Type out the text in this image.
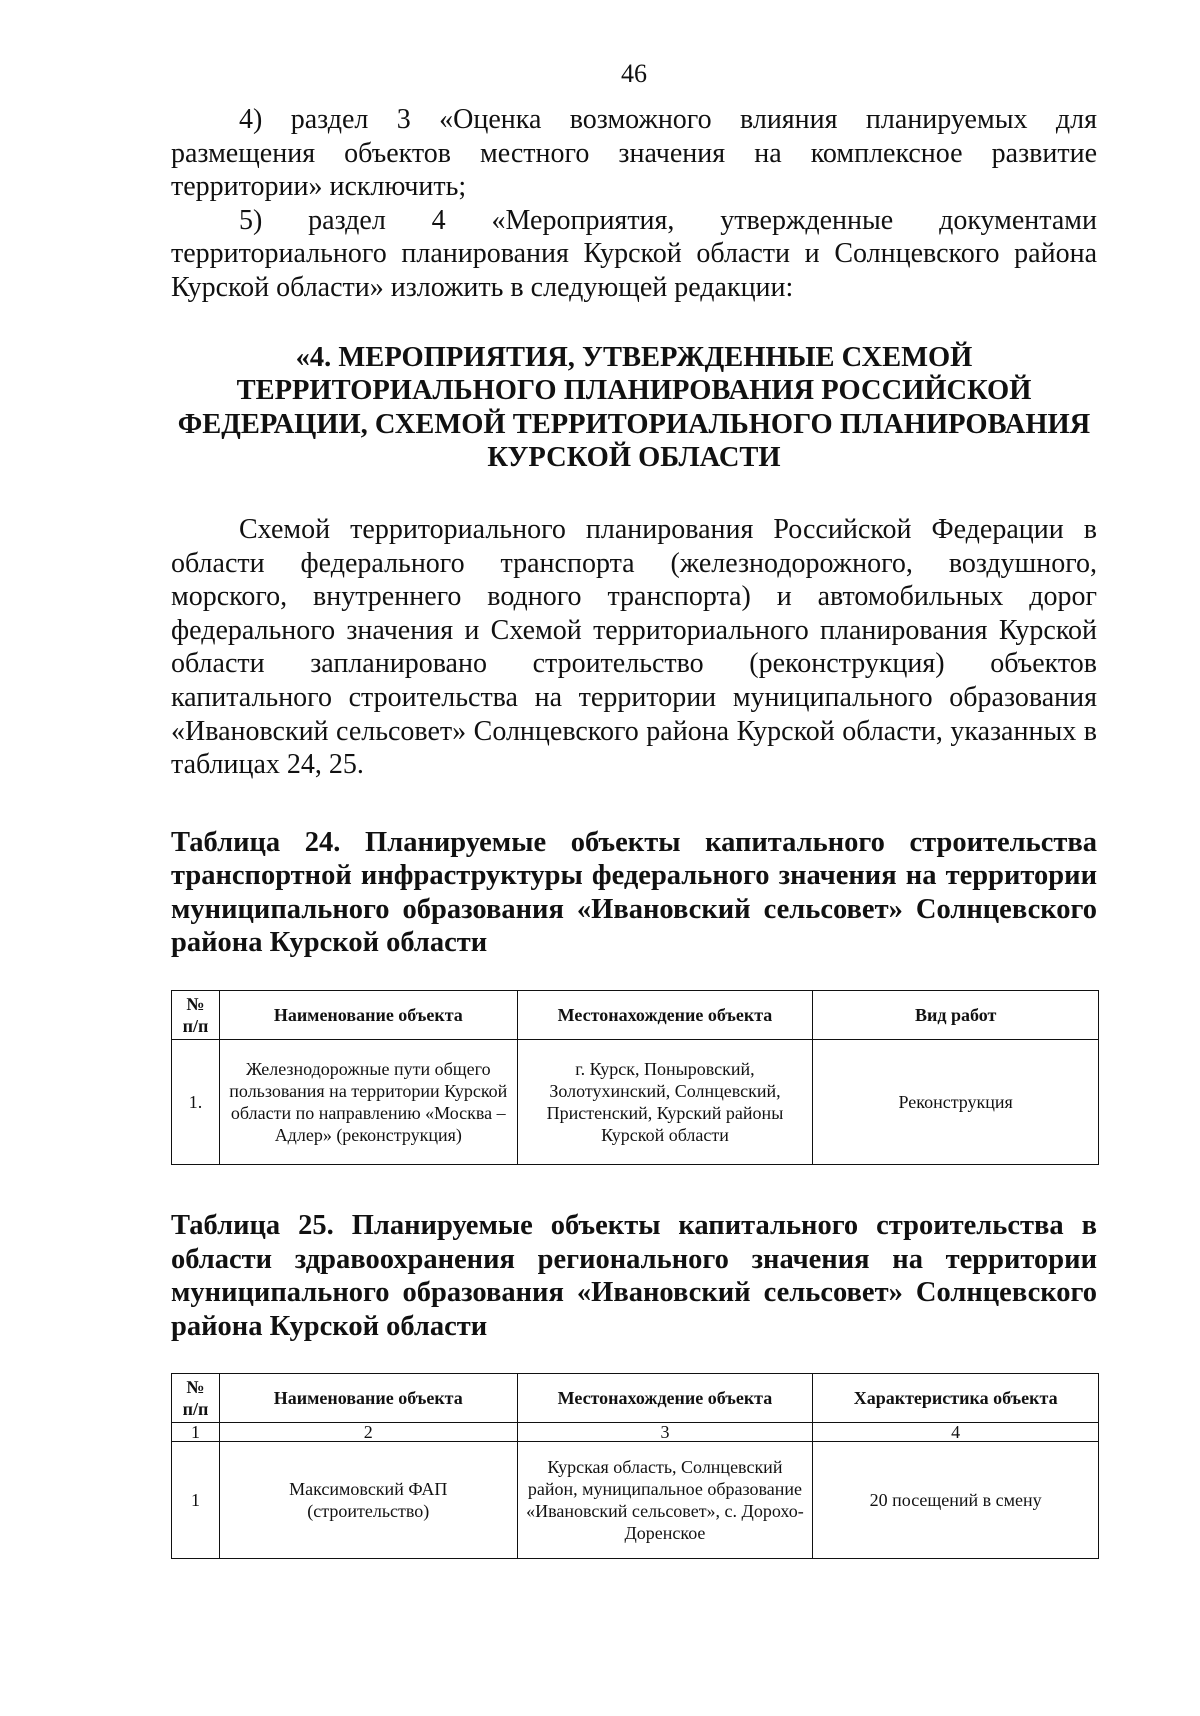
46

4) раздел 3 «Оценка возможного влияния планируемых для размещения объектов местного значения на комплексное развитие территории» исключить;

5) раздел 4 «Мероприятия, утвержденные документами территориального планирования Курской области и Солнцевского района Курской области» изложить в следующей редакции:

«4. МЕРОПРИЯТИЯ, УТВЕРЖДЕННЫЕ СХЕМОЙ ТЕРРИТОРИАЛЬНОГО ПЛАНИРОВАНИЯ РОССИЙСКОЙ ФЕДЕРАЦИИ, СХЕМОЙ ТЕРРИТОРИАЛЬНОГО ПЛАНИРОВАНИЯ КУРСКОЙ ОБЛАСТИ

Схемой территориального планирования Российской Федерации в области федерального транспорта (железнодорожного, воздушного, морского, внутреннего водного транспорта) и автомобильных дорог федерального значения и Схемой территориального планирования Курской области запланировано строительство (реконструкция) объектов капитального строительства на территории муниципального образования «Ивановский сельсовет» Солнцевского района Курской области, указанных в таблицах 24, 25.

Таблица 24. Планируемые объекты капитального строительства транспортной инфраструктуры федерального значения на территории муниципального образования «Ивановский сельсовет» Солнцевского района Курской области
№ п/п	Наименование объекта	Местонахождение объекта	Вид работ
1.	Железнодорожные пути общего пользования на территории Курской области по направлению «Москва – Адлер» (реконструкция)	г. Курск, Поныровский, Золотухинский, Солнцевский, Пристенский, Курский районы Курской области	Реконструкция
Таблица 25. Планируемые объекты капитального строительства в области здравоохранения регионального значения на территории муниципального образования «Ивановский сельсовет» Солнцевского района Курской области
№ п/п	Наименование объекта	Местонахождение объекта	Характеристика объекта
1	2	3	4
1	Максимовский ФАП (строительство)	Курская область, Солнцевский район, муниципальное образование «Ивановский сельсовет», с. Дорохо-Доренское	20 посещений в смену
